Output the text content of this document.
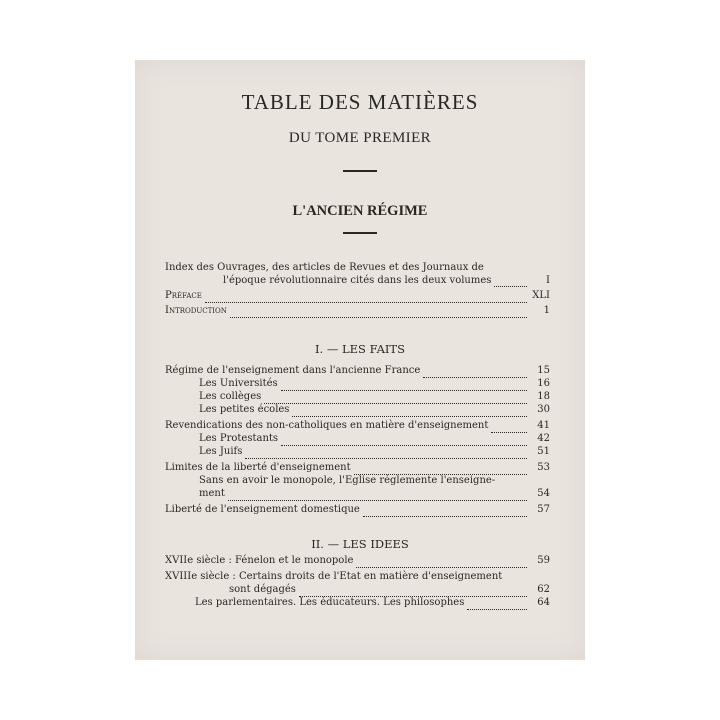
TABLE DES MATIÈRES
DU TOME PREMIER
L'ANCIEN RÉGIME
Index des Ouvrages, des articles de Revues et des Journaux de
l'époque révolutionnaire cités dans les deux volumes	I
Préface	XLI
Introduction	1
I. — LES FAITS
Régime de l'enseignement dans l'ancienne France	15
Les Universités	16
Les collèges	18
Les petites écoles	30
Revendications des non-catholiques en matière d'enseignement	41
Les Protestants	42
Les Juifs	51
Limites de la liberté d'enseignement	53
Sans en avoir le monopole, l'Eglise réglemente l'enseigne-
ment	54
Liberté de l'enseignement domestique	57
II. — LES IDEES
XVIIe siècle : Fénelon et le monopole	59
XVIIIe siècle : Certains droits de l'Etat en matière d'enseignement
sont dégagés	62
Les parlementaires. Les éducateurs. Les philosophes	64
